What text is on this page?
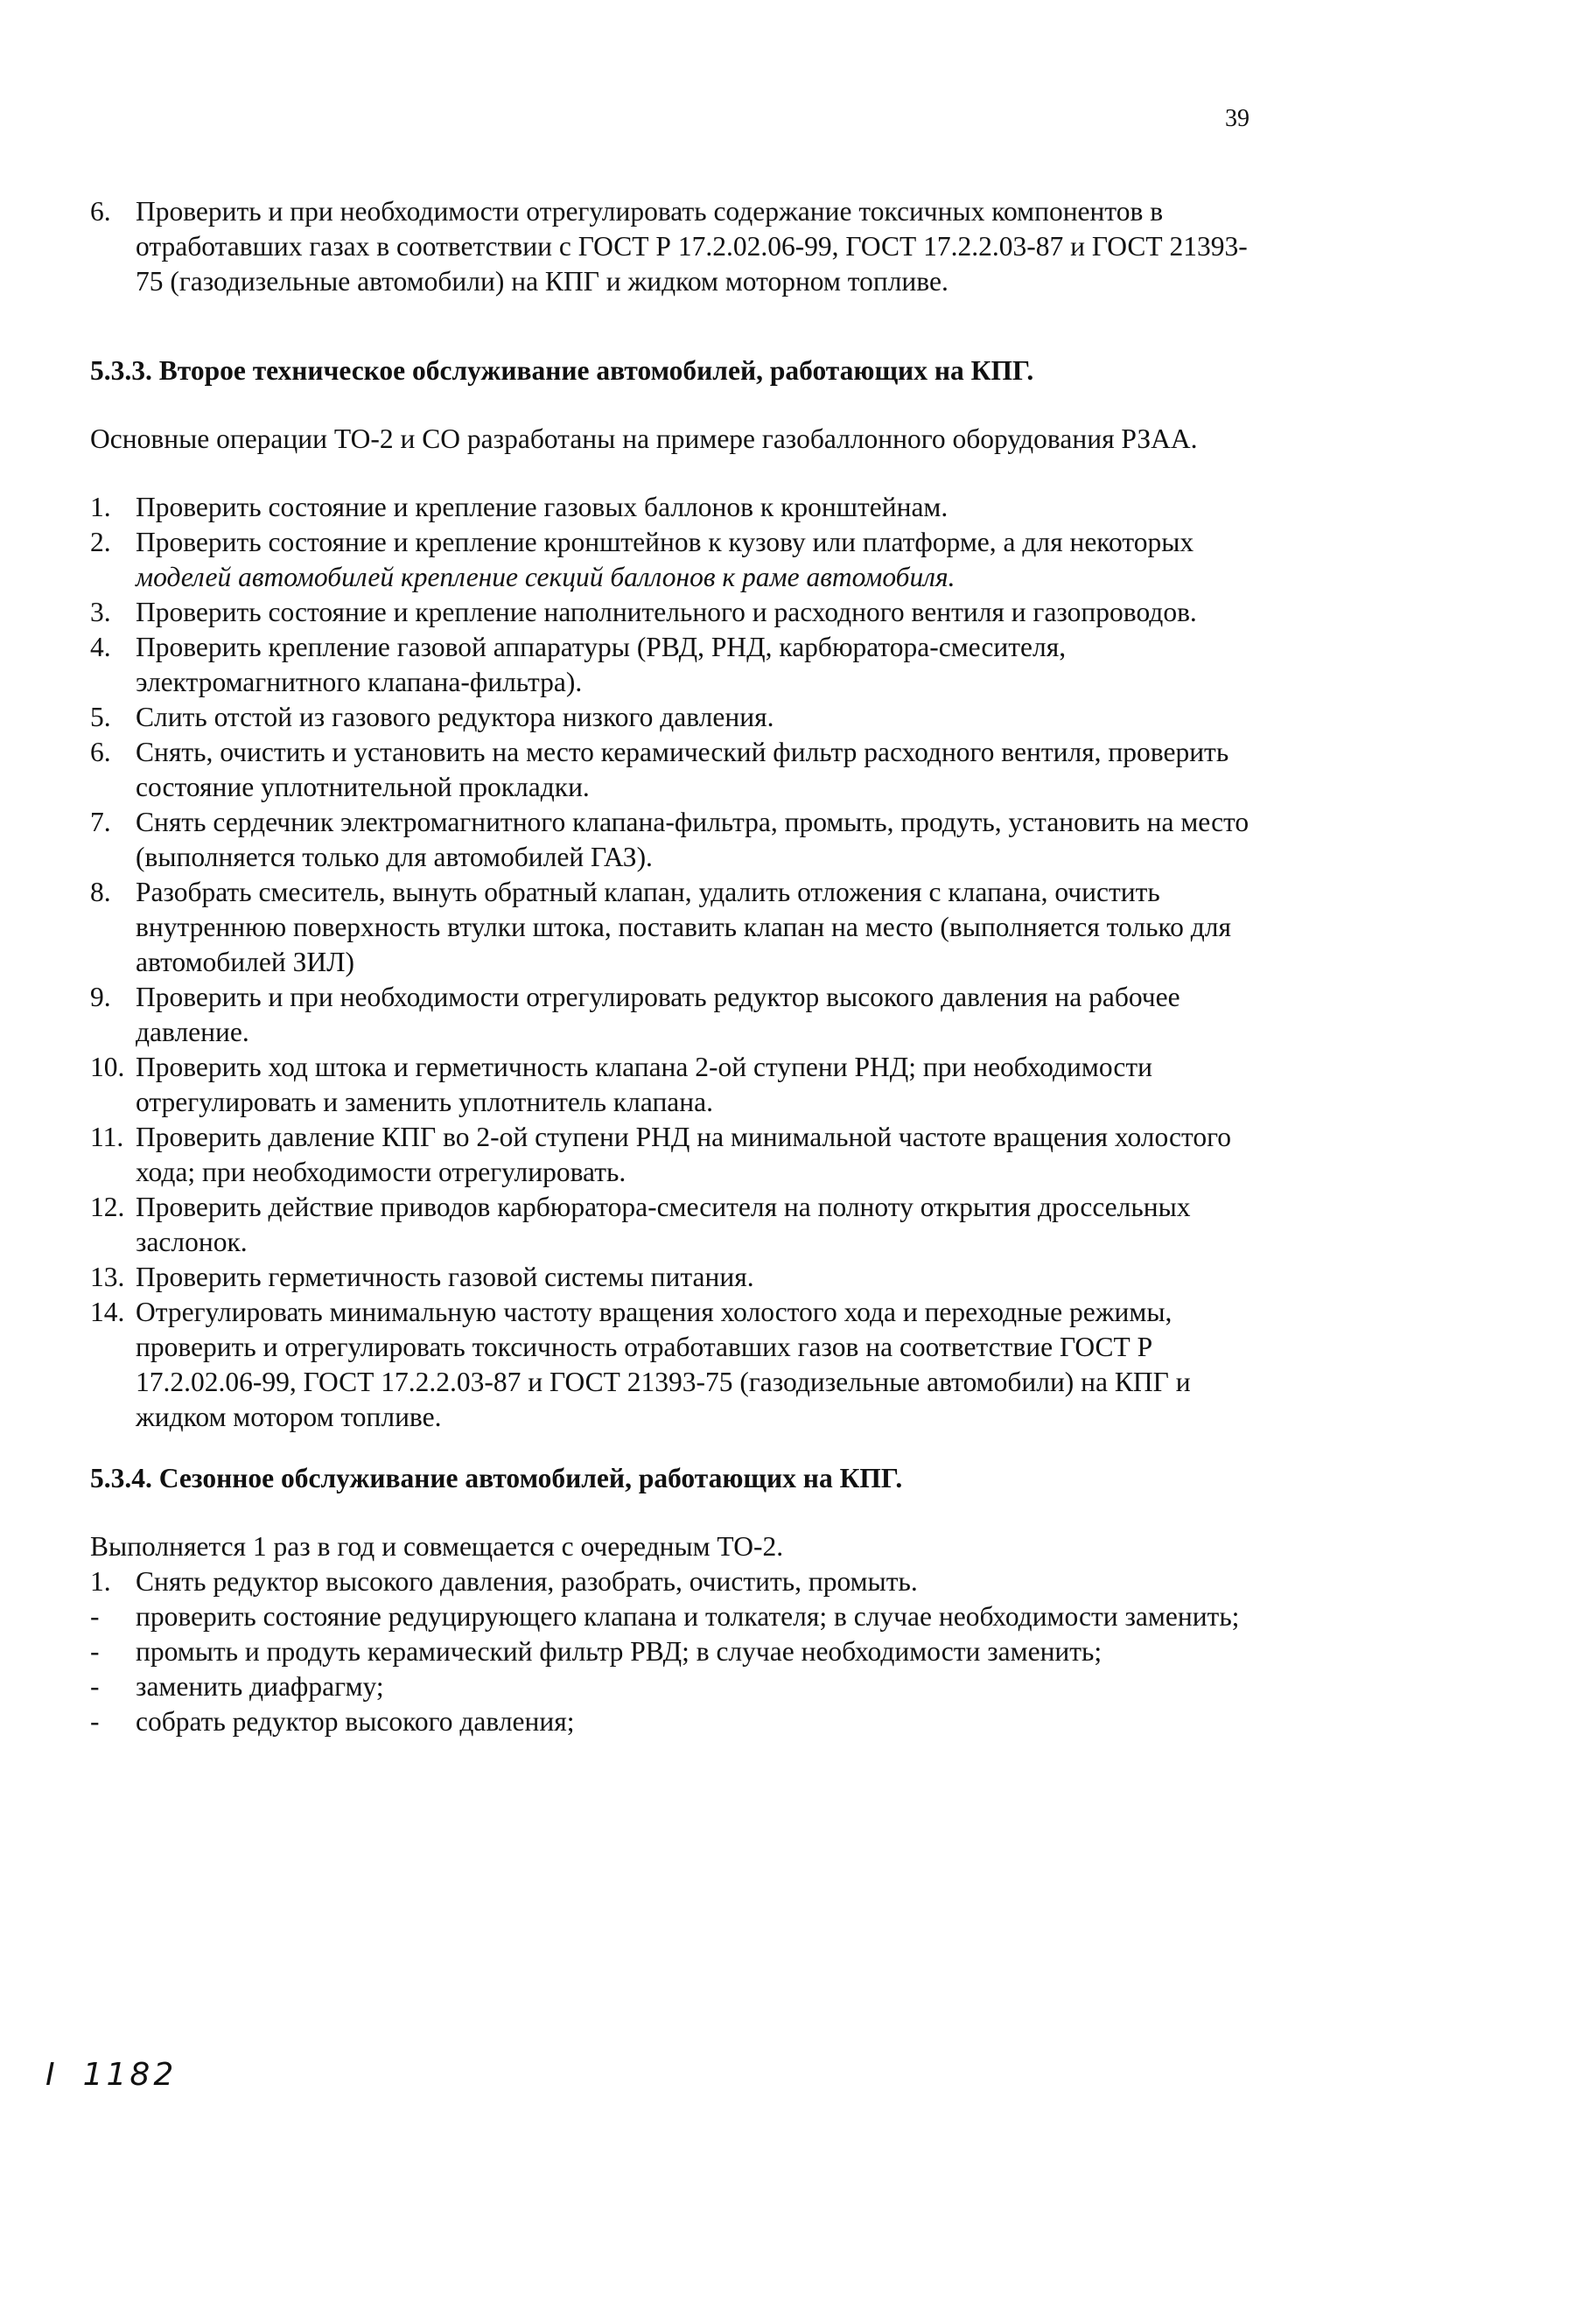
39
6. Проверить и при необходимости отрегулировать содержание токсичных компонентов в отработавших газах в соответствии с ГОСТ Р 17.2.02.06-99, ГОСТ 17.2.2.03-87 и ГОСТ 21393-75 (газодизельные автомобили) на КПГ и жидком моторном топливе.
5.3.3. Второе техническое обслуживание автомобилей, работающих на КПГ.
Основные операции ТО-2 и СО разработаны на примере газобаллонного оборудования РЗАА.
1. Проверить состояние и крепление газовых баллонов к кронштейнам.
2. Проверить состояние и крепление кронштейнов к кузову или платформе, а для некоторых
моделей автомобилей крепление секций баллонов к раме автомобиля.
3. Проверить состояние и крепление наполнительного и расходного вентиля и газопроводов.
4. Проверить крепление газовой аппаратуры (РВД, РНД, карбюратора-смесителя, электромагнитного клапана-фильтра).
5. Слить отстой из газового редуктора низкого давления.
6. Снять, очистить и установить на место керамический фильтр расходного вентиля, проверить состояние уплотнительной прокладки.
7. Снять сердечник электромагнитного клапана-фильтра, промыть, продуть, установить на место (выполняется только для автомобилей ГАЗ).
8. Разобрать смеситель, вынуть обратный клапан, удалить отложения с клапана, очистить внутреннюю поверхность втулки штока, поставить клапан на место (выполняется только для автомобилей ЗИЛ)
9. Проверить и при необходимости отрегулировать редуктор высокого давления на рабочее давление.
10. Проверить ход штока и герметичность клапана 2-ой ступени РНД; при необходимости отрегулировать и заменить уплотнитель клапана.
11. Проверить давление КПГ во 2-ой ступени РНД на минимальной частоте вращения холостого хода; при необходимости отрегулировать.
12. Проверить действие приводов карбюратора-смесителя на полноту открытия дроссельных заслонок.
13. Проверить герметичность газовой системы питания.
14. Отрегулировать минимальную частоту вращения холостого хода и переходные режимы, проверить и отрегулировать токсичность отработавших газов на соответствие ГОСТ Р 17.2.02.06-99, ГОСТ 17.2.2.03-87 и ГОСТ 21393-75 (газодизельные автомобили) на КПГ и жидком мотором топливе.
5.3.4. Сезонное обслуживание автомобилей, работающих на КПГ.
Выполняется 1 раз в год и совмещается с очередным ТО-2.
1. Снять редуктор высокого давления, разобрать, очистить, промыть.
- проверить состояние редуцирующего клапана и толкателя; в случае необходимости заменить;
- промыть и продуть керамический фильтр РВД; в случае необходимости заменить;
- заменить диафрагму;
- собрать редуктор высокого давления;
I 1182
